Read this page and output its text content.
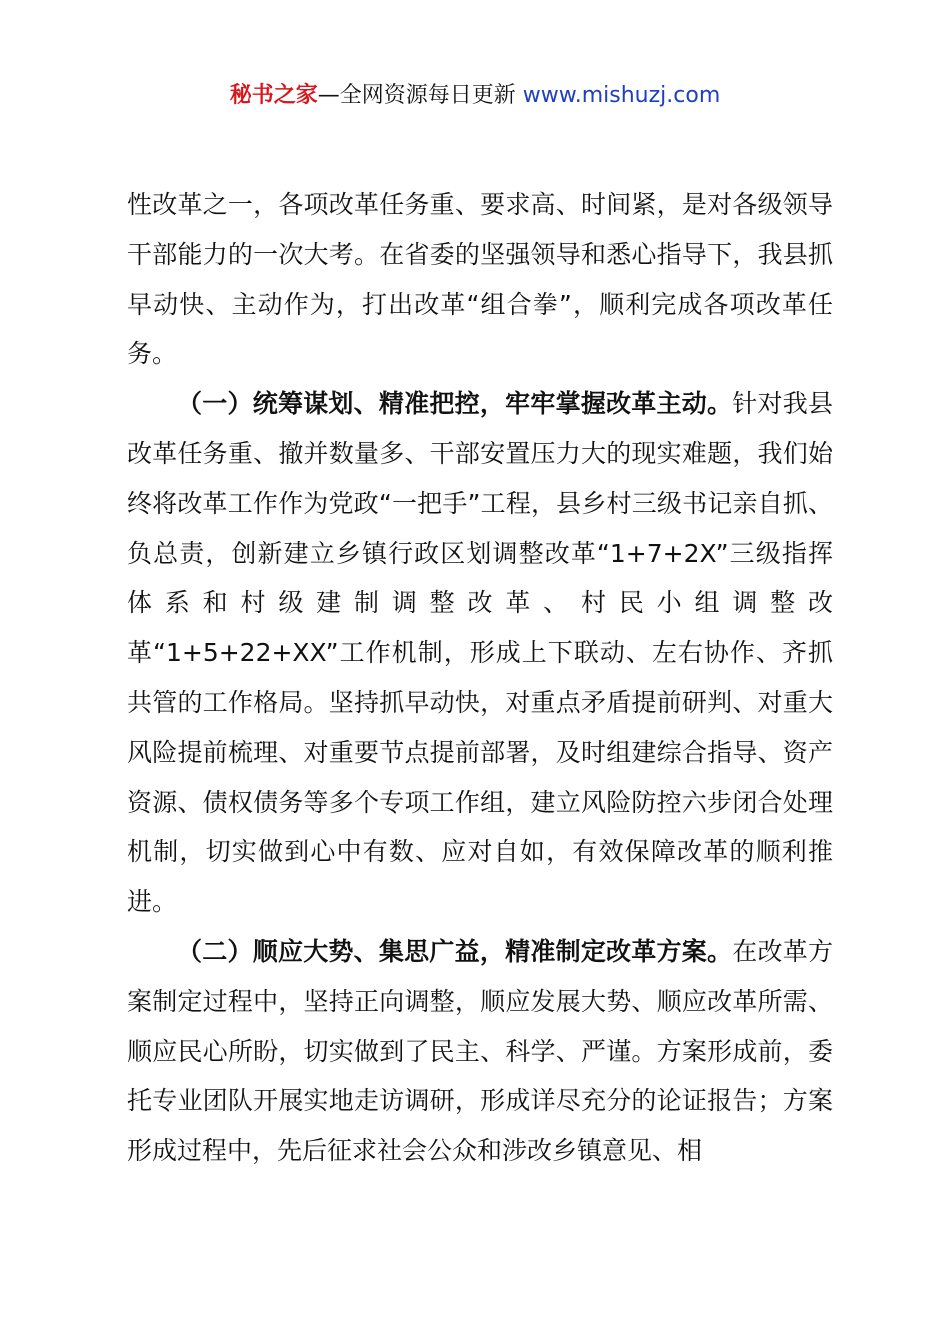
秘书之家—全网资源每日更新 www.mishuzj.com

性改革之一，各项改革任务重、要求高、时间紧，是对各级领导干部能力的一次大考。在省委的坚强领导和悉心指导下，我县抓早动快、主动作为，打出改革“组合拳”，顺利完成各项改革任务。

（一）统筹谋划、精准把控，牢牢掌握改革主动。针对我县改革任务重、撤并数量多、干部安置压力大的现实难题，我们始终将改革工作作为党政“一把手”工程，县乡村三级书记亲自抓、负总责，创新建立乡镇行政区划调整改革“1+7+2X”三级指挥体系和村级建制调整改革、村民小组调整改革“1+5+22+XX”工作机制，形成上下联动、左右协作、齐抓共管的工作格局。坚持抓早动快，对重点矛盾提前研判、对重大风险提前梳理、对重要节点提前部署，及时组建综合指导、资产资源、债权债务等多个专项工作组，建立风险防控六步闭合处理机制，切实做到心中有数、应对自如，有效保障改革的顺利推进。

（二）顺应大势、集思广益，精准制定改革方案。在改革方案制定过程中，坚持正向调整，顺应发展大势、顺应改革所需、顺应民心所盼，切实做到了民主、科学、严谨。方案形成前，委托专业团队开展实地走访调研，形成详尽充分的论证报告；方案形成过程中，先后征求社会公众和涉改乡镇意见、相
